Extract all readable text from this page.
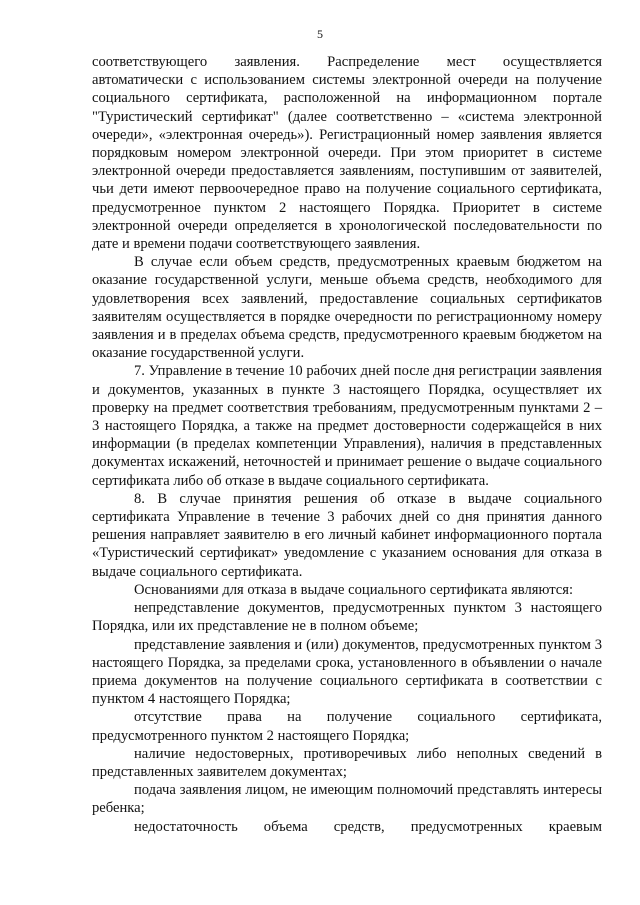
5

соответствующего заявления. Распределение мест осуществляется автоматически с использованием системы электронной очереди на получение социального сертификата, расположенной на информационном портале "Туристический сертификат" (далее соответственно – «система электронной очереди», «электронная очередь»). Регистрационный номер заявления является порядковым номером электронной очереди. При этом приоритет в системе электронной очереди предоставляется заявлениям, поступившим от заявителей, чьи дети имеют первоочередное право на получение социального сертификата, предусмотренное пунктом 2 настоящего Порядка. Приоритет в системе электронной очереди определяется в хронологической последовательности по дате и времени подачи соответствующего заявления.

В случае если объем средств, предусмотренных краевым бюджетом на оказание государственной услуги, меньше объема средств, необходимого для удовлетворения всех заявлений, предоставление социальных сертификатов заявителям осуществляется в порядке очередности по регистрационному номеру заявления и в пределах объема средств, предусмотренного краевым бюджетом на оказание государственной услуги.

7. Управление в течение 10 рабочих дней после дня регистрации заявления и документов, указанных в пункте 3 настоящего Порядка, осуществляет их проверку на предмет соответствия требованиям, предусмотренным пунктами 2 – 3 настоящего Порядка, а также на предмет достоверности содержащейся в них информации (в пределах компетенции Управления), наличия в представленных документах искажений, неточностей и принимает решение о выдаче социального сертификата либо об отказе в выдаче социального сертификата.

8. В случае принятия решения об отказе в выдаче социального сертификата Управление в течение 3 рабочих дней со дня принятия данного решения направляет заявителю в его личный кабинет информационного портала «Туристический сертификат» уведомление с указанием основания для отказа в выдаче социального сертификата.

Основаниями для отказа в выдаче социального сертификата являются:

непредставление документов, предусмотренных пунктом 3 настоящего Порядка, или их представление не в полном объеме;

представление заявления и (или) документов, предусмотренных пунктом 3 настоящего Порядка, за пределами срока, установленного в объявлении о начале приема документов на получение социального сертификата в соответствии с пунктом 4 настоящего Порядка;

отсутствие права на получение социального сертификата, предусмотренного пунктом 2 настоящего Порядка;

наличие недостоверных, противоречивых либо неполных сведений в представленных заявителем документах;

подача заявления лицом, не имеющим полномочий представлять интересы ребенка;

недостаточность объема средств, предусмотренных краевым
